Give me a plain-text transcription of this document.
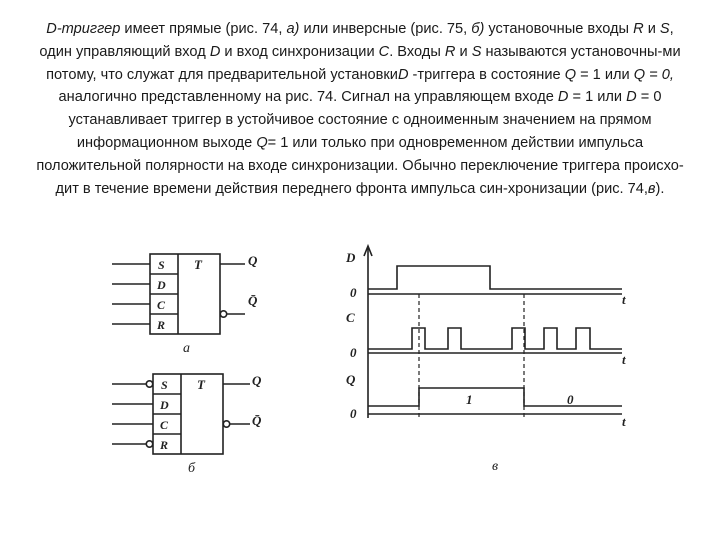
D-триггер имеет прямые (рис. 74, а) или инверсные (рис. 75, б) установочные входы R и S, один управляющий вход D и вход синхронизации С. Входы R и S называются установочны-ми потому, что служат для предварительной установкиD -триггера в состояние Q = 1 или Q = 0, аналогично представленному на рис. 74. Сигнал на управляющем входе D = 1 или D = 0 устанавливает триггер в устойчивое состояние с одноименным значением на прямом информационном выходе Q= 1 или только при одновременном действии импульса положительной полярности на входе синхронизации. Обычно переключение триггера происхо-дит в течение времени действия переднего фронта импульса син-хронизации (рис. 74,в).

S
D
C
R
T	Q
Q̄
а
S
D
C
R
T	Q
Q̄
б
D
C
Q
0
0
0
t
t
t
1	0
в
